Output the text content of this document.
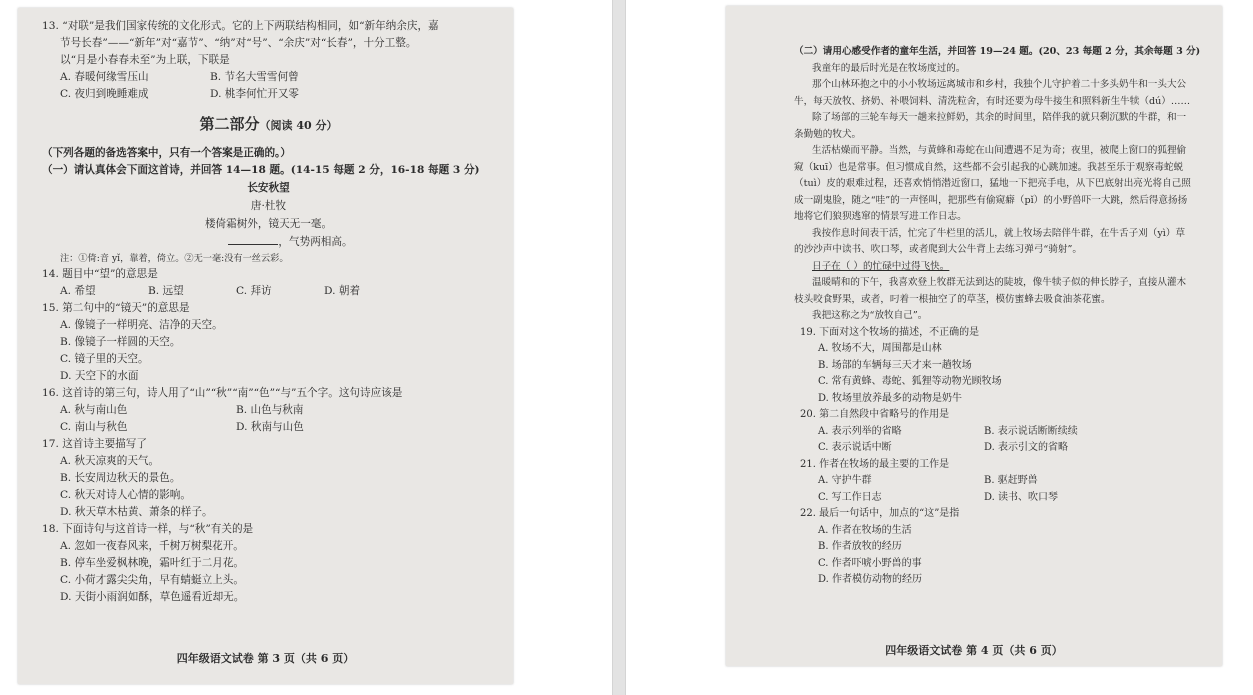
13. “对联”是我们国家传统的文化形式。它的上下两联结构相同，如“新年纳余庆，嘉
节号长春”——“新年”对“嘉节”、“纳”对“号”、“余庆”对“长春”，十分工整。
以“月是小春春未至”为上联，下联是
A. 春暖何缘雪压山	B. 节名大雪雪何曾
C. 夜归到晚睡难成	D. 桃李何忙开又零
第二部分（阅读 40 分）
（下列各题的备选答案中，只有一个答案是正确的。）
（一）请认真体会下面这首诗，并回答 14—18 题。(14-15 每题 2 分，16-18 每题 3 分)
长安秋望
唐·杜牧
楼倚霜树外，镜天无一毫。
，气势两相高。
注：①倚:音 yǐ，靠着，倚立。②无一毫:没有一丝云彩。
14. 题目中“望”的意思是
A. 希望	B. 远望	C. 拜访	D. 朝着
15. 第二句中的“镜天”的意思是
A. 像镜子一样明亮、洁净的天空。
B. 像镜子一样圆的天空。
C. 镜子里的天空。
D. 天空下的水面
16. 这首诗的第三句，诗人用了“山”“秋”“南”“色”“与”五个字。这句诗应该是
A. 秋与南山色	B. 山色与秋南
C. 南山与秋色	D. 秋南与山色
17. 这首诗主要描写了
A. 秋天凉爽的天气。
B. 长安周边秋天的景色。
C. 秋天对诗人心情的影响。
D. 秋天草木枯黄、萧条的样子。
18. 下面诗句与这首诗一样，与“秋”有关的是
A. 忽如一夜春风来，千树万树梨花开。
B. 停车坐爱枫林晚，霜叶红于二月花。
C. 小荷才露尖尖角，早有蜻蜓立上头。
D. 天街小雨润如酥，草色遥看近却无。
四年级语文试卷 第 3 页（共 6 页）
（二）请用心感受作者的童年生活，并回答 19—24 题。(20、23 每题 2 分，其余每题 3 分)
我童年的最后时光是在牧场度过的。
那个山林环抱之中的小小牧场远离城市和乡村，我独个儿守护着二十多头奶牛和一头大公牛，每天放牧、挤奶、补喂饲料、清洗粒舍，有时还要为母牛接生和照料新生牛犊（dú）……
除了场部的三轮车每天一趟来拉鲜奶，其余的时间里，陪伴我的就只剩沉默的牛群，和一条勤勉的牧犬。
生活枯燥而平静。当然，与黄蜂和毒蛇在山间遭遇不足为奇；夜里，被爬上窗口的狐狸偷窥（kuī）也是常事。但习惯成自然，这些都不会引起我的心跳加速。我甚至乐于观察毒蛇蜕（tuì）皮的艰难过程，还喜欢悄悄潜近窗口，猛地一下把亮手电，从下巴底射出亮光将自己照成一副鬼脸，随之“哇”的一声怪叫，把那些有偷窥癖（pǐ）的小野兽吓一大跳，然后得意扬扬地将它们狼狈逃窜的情景写进工作日志。
我按作息时间表干活，忙完了牛栏里的活儿，就上牧场去陪伴牛群，在牛舌子刈（yì）草的沙沙声中读书、吹口琴，或者爬到大公牛背上去练习弹弓“骑射”。
日子在（ ）的忙碌中过得飞快。
温暖晴和的下午，我喜欢登上牧群无法到达的陡坡，像牛犊子似的伸长脖子，直接从灌木枝头咬食野果，或者，叼着一根抽空了的草茎，模仿蜜蜂去吸食油茶花蜜。
我把这称之为“放牧自己”。
19. 下面对这个牧场的描述，不正确的是
A. 牧场不大，周围都是山林
B. 场部的车辆每三天才来一趟牧场
C. 常有黄蜂、毒蛇、狐狸等动物光顾牧场
D. 牧场里放养最多的动物是奶牛
20. 第二自然段中省略号的作用是
A. 表示列举的省略	B. 表示说话断断续续
C. 表示说话中断	D. 表示引文的省略
21. 作者在牧场的最主要的工作是
A. 守护牛群	B. 驱赶野兽
C. 写工作日志	D. 读书、吹口琴
22. 最后一句话中，加点的“这”是指
A. 作者在牧场的生活
B. 作者放牧的经历
C. 作者吓唬小野兽的事
D. 作者模仿动物的经历
四年级语文试卷 第 4 页（共 6 页）
